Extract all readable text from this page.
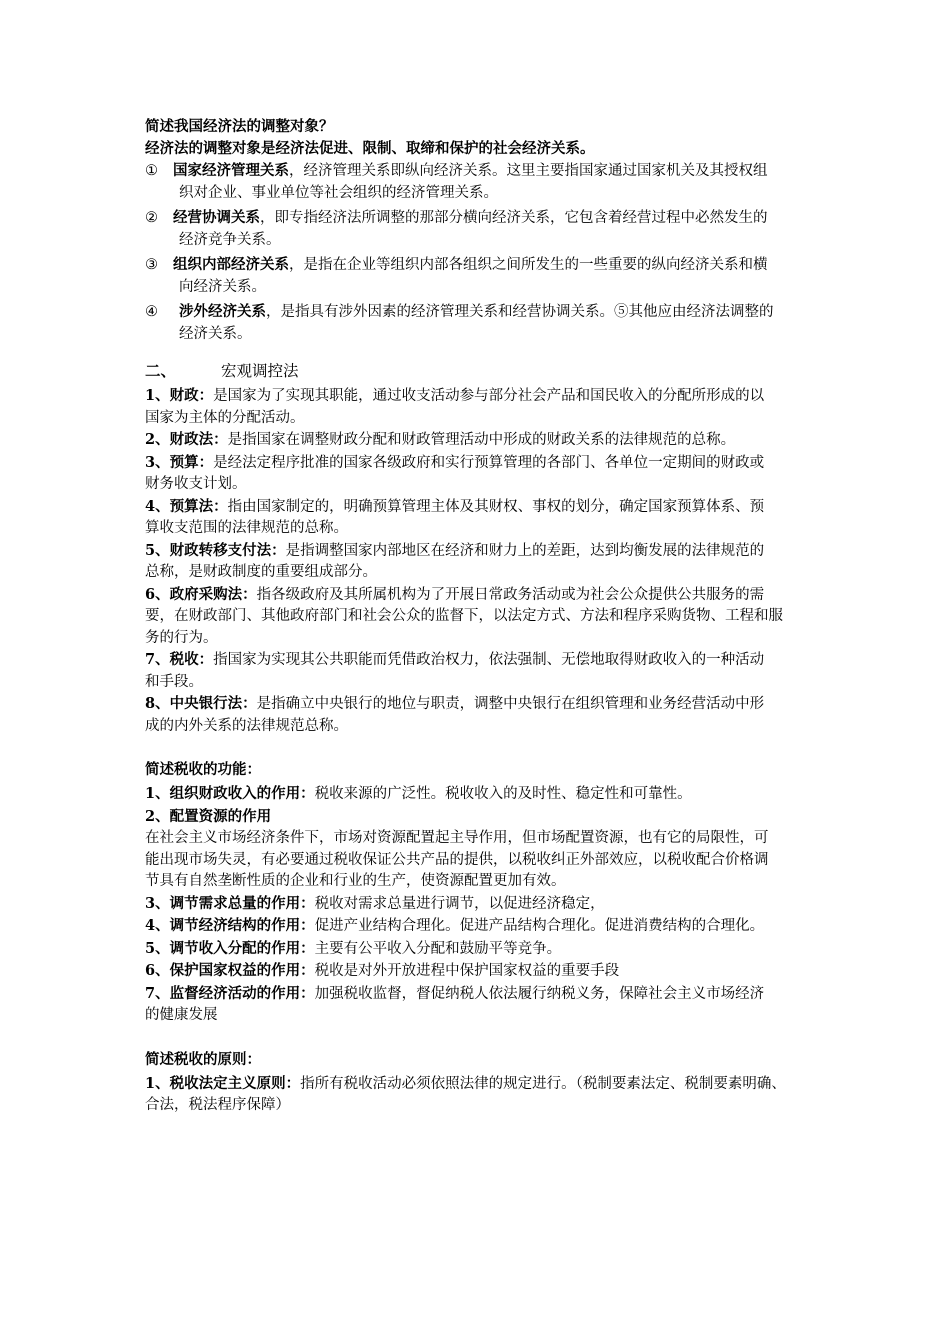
简述我国经济法的调整对象？
经济法的调整对象是经济法促进、限制、取缔和保护的社会经济关系。
① 国家经济管理关系，经济管理关系即纵向经济关系。这里主要指国家通过国家机关及其授权组
织对企业、事业单位等社会组织的经济管理关系。
② 经营协调关系，即专指经济法所调整的那部分横向经济关系，它包含着经营过程中必然发生的
经济竞争关系。
③ 组织内部经济关系，是指在企业等组织内部各组织之间所发生的一些重要的纵向经济关系和横
向经济关系。
④ 涉外经济关系，是指具有涉外因素的经济管理关系和经营协调关系。⑤其他应由经济法调整的
经济关系。
二、	宏观调控法
1、财政：是国家为了实现其职能，通过收支活动参与部分社会产品和国民收入的分配所形成的以
国家为主体的分配活动。
2、财政法：是指国家在调整财政分配和财政管理活动中形成的财政关系的法律规范的总称。
3、预算：是经法定程序批准的国家各级政府和实行预算管理的各部门、各单位一定期间的财政或
财务收支计划。
4、预算法：指由国家制定的，明确预算管理主体及其财权、事权的划分，确定国家预算体系、预
算收支范围的法律规范的总称。
5、财政转移支付法：是指调整国家内部地区在经济和财力上的差距，达到均衡发展的法律规范的
总称，是财政制度的重要组成部分。
6、政府采购法：指各级政府及其所属机构为了开展日常政务活动或为社会公众提供公共服务的需
要，在财政部门、其他政府部门和社会公众的监督下，以法定方式、方法和程序采购货物、工程和服
务的行为。
7、税收：指国家为实现其公共职能而凭借政治权力，依法强制、无偿地取得财政收入的一种活动
和手段。
8、中央银行法：是指确立中央银行的地位与职责，调整中央银行在组织管理和业务经营活动中形
成的内外关系的法律规范总称。
简述税收的功能：
1、组织财政收入的作用：税收来源的广泛性。税收收入的及时性、稳定性和可靠性。
2、配置资源的作用
在社会主义市场经济条件下，市场对资源配置起主导作用，但市场配置资源，也有它的局限性，可
能出现市场失灵，有必要通过税收保证公共产品的提供，以税收纠正外部效应，以税收配合价格调
节具有自然垄断性质的企业和行业的生产，使资源配置更加有效。
3、调节需求总量的作用：税收对需求总量进行调节，以促进经济稳定，
4、调节经济结构的作用：促进产业结构合理化。促进产品结构合理化。促进消费结构的合理化。
5、调节收入分配的作用：主要有公平收入分配和鼓励平等竞争。
6、保护国家权益的作用：税收是对外开放进程中保护国家权益的重要手段
7、监督经济活动的作用：加强税收监督，督促纳税人依法履行纳税义务，保障社会主义市场经济
的健康发展
简述税收的原则：
1、税收法定主义原则：指所有税收活动必须依照法律的规定进行。（税制要素法定、税制要素明确、
合法，税法程序保障）
